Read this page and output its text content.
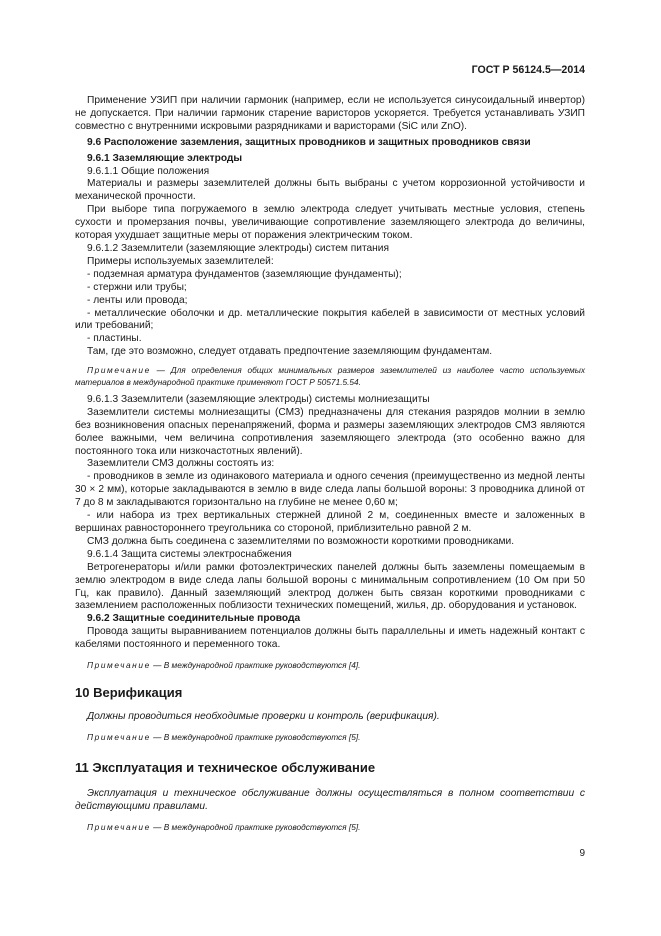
ГОСТ Р 56124.5—2014

Применение УЗИП при наличии гармоник (например, если не используется синусоидальный инвертор) не допускается. При наличии гармоник старение варисторов ускоряется. Требуется устанавливать УЗИП совместно с внутренними искровыми разрядниками и варисторами (SiC или ZnO).

9.6 Расположение заземления, защитных проводников и защитных проводников связи

9.6.1 Заземляющие электроды

9.6.1.1 Общие положения

Материалы и размеры заземлителей должны быть выбраны с учетом коррозионной устойчивости и механической прочности.

При выборе типа погружаемого в землю электрода следует учитывать местные условия, степень сухости и промерзания почвы, увеличивающие сопротивление заземляющего электрода до величины, которая ухудшает защитные меры от поражения электрическим током.

9.6.1.2 Заземлители (заземляющие электроды) систем питания

Примеры используемых заземлителей:

- подземная арматура фундаментов (заземляющие фундаменты);

- стержни или трубы;

- ленты или провода;

- металлические оболочки и др. металлические покрытия кабелей в зависимости от местных условий или требований;

- пластины.

Там, где это возможно, следует отдавать предпочтение заземляющим фундаментам.

Примечание — Для определения общих минимальных размеров заземлителей из наиболее часто используемых материалов в международной практике применяют ГОСТ Р 50571.5.54.

9.6.1.3 Заземлители (заземляющие электроды) системы молниезащиты

Заземлители системы молниезащиты (СМЗ) предназначены для стекания разрядов молнии в землю без возникновения опасных перенапряжений, форма и размеры заземляющих электродов СМЗ являются более важными, чем величина сопротивления заземляющего электрода (это особенно важно для постоянного тока или низкочастотных явлений).

Заземлители СМЗ должны состоять из:

- проводников в земле из одинакового материала и одного сечения (преимущественно из медной ленты 30 × 2 мм), которые закладываются в землю в виде следа лапы большой вороны: 3 проводника длиной от 7 до 8 м закладываются горизонтально на глубине не менее 0,60 м;

- или набора из трех вертикальных стержней длиной 2 м, соединенных вместе и заложенных в вершинах равностороннего треугольника со стороной, приблизительно равной 2 м.

СМЗ должна быть соединена с заземлителями по возможности короткими проводниками.

9.6.1.4 Защита системы электроснабжения

Ветрогенераторы и/или рамки фотоэлектрических панелей должны быть заземлены помещаемым в землю электродом в виде следа лапы большой вороны с минимальным сопротивлением (10 Ом при 50 Гц, как правило). Данный заземляющий электрод должен быть связан короткими проводниками с заземлением расположенных поблизости технических помещений, жилья, др. оборудования и установок.

9.6.2 Защитные соединительные провода

Провода защиты выравниванием потенциалов должны быть параллельны и иметь надежный контакт с кабелями постоянного и переменного тока.

Примечание — В международной практике руководствуются [4].

10 Верификация

Должны проводиться необходимые проверки и контроль (верификация).

Примечание — В международной практике руководствуются [5].

11 Эксплуатация и техническое обслуживание

Эксплуатация и техническое обслуживание должны осуществляться в полном соответствии с действующими правилами.

Примечание — В международной практике руководствуются [5].

9
